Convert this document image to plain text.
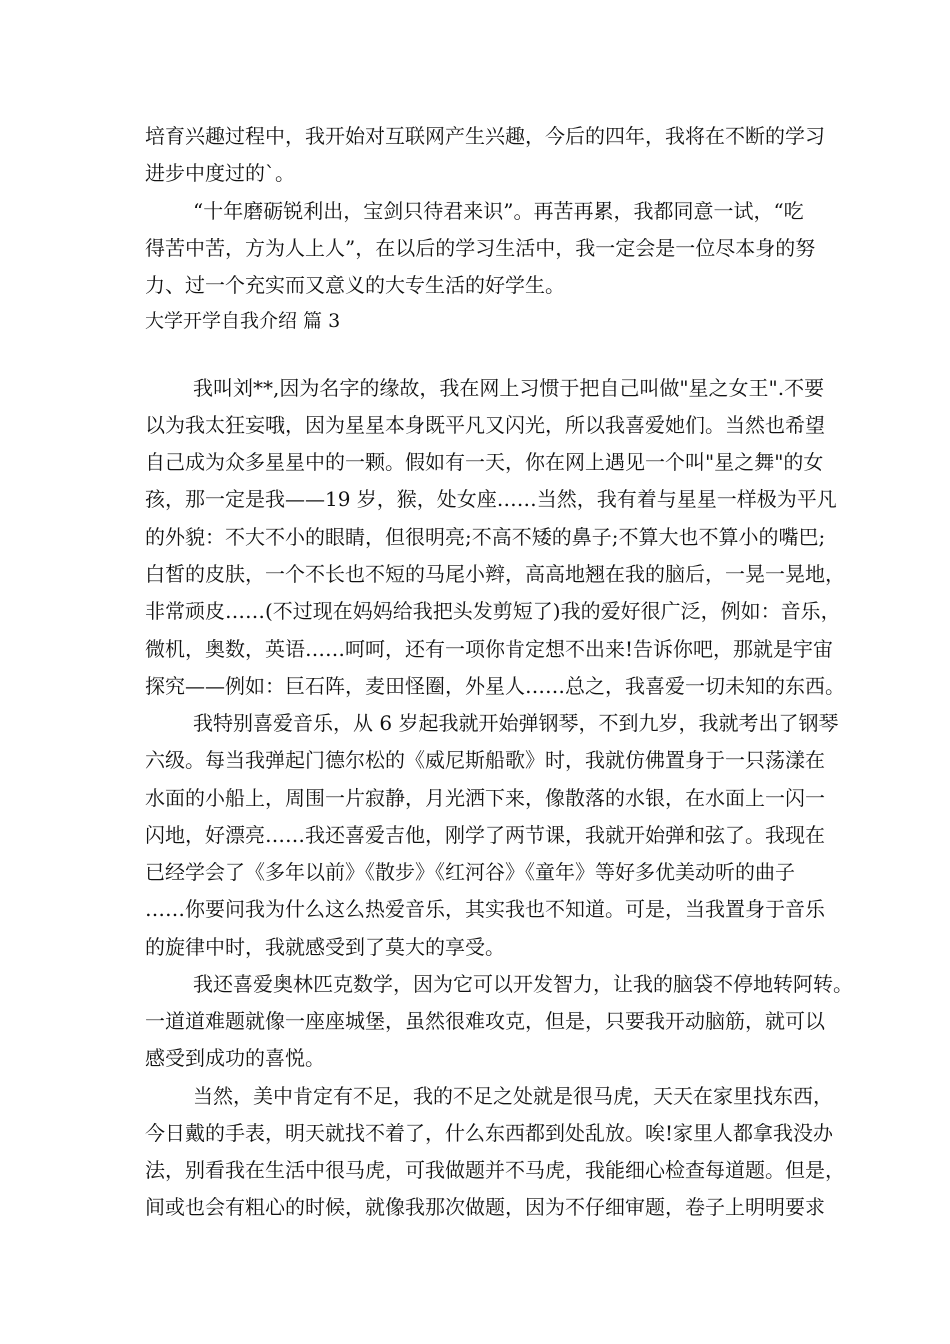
培育兴趣过程中，我开始对互联网产生兴趣，今后的四年，我将在不断的学习
进步中度过的`。
“十年磨砺锐利出，宝剑只待君来识”。再苦再累，我都同意一试，“吃
得苦中苦，方为人上人”，在以后的学习生活中，我一定会是一位尽本身的努
力、过一个充实而又意义的大专生活的好学生。
大学开学自我介绍 篇 3
我叫刘**,因为名字的缘故，我在网上习惯于把自己叫做"星之女王".不要
以为我太狂妄哦，因为星星本身既平凡又闪光，所以我喜爱她们。当然也希望
自己成为众多星星中的一颗。假如有一天，你在网上遇见一个叫"星之舞"的女
孩，那一定是我——19 岁，猴，处女座……当然，我有着与星星一样极为平凡
的外貌：不大不小的眼睛，但很明亮;不高不矮的鼻子;不算大也不算小的嘴巴;
白皙的皮肤，一个不长也不短的马尾小辫，高高地翘在我的脑后，一晃一晃地，
非常顽皮……(不过现在妈妈给我把头发剪短了)我的爱好很广泛，例如：音乐，
微机，奥数，英语……呵呵，还有一项你肯定想不出来!告诉你吧，那就是宇宙
探究——例如：巨石阵，麦田怪圈，外星人……总之，我喜爱一切未知的东西。
我特别喜爱音乐，从 6 岁起我就开始弹钢琴，不到九岁，我就考出了钢琴
六级。每当我弹起门德尔松的《威尼斯船歌》时，我就仿佛置身于一只荡漾在
水面的小船上，周围一片寂静，月光洒下来，像散落的水银，在水面上一闪一
闪地，好漂亮……我还喜爱吉他，刚学了两节课，我就开始弹和弦了。我现在
已经学会了《多年以前》《散步》《红河谷》《童年》等好多优美动听的曲子
……你要问我为什么这么热爱音乐，其实我也不知道。可是，当我置身于音乐
的旋律中时，我就感受到了莫大的享受。
我还喜爱奥林匹克数学，因为它可以开发智力，让我的脑袋不停地转阿转。
一道道难题就像一座座城堡，虽然很难攻克，但是，只要我开动脑筋，就可以
感受到成功的喜悦。
当然，美中肯定有不足，我的不足之处就是很马虎，天天在家里找东西，
今日戴的手表，明天就找不着了，什么东西都到处乱放。唉!家里人都拿我没办
法，别看我在生活中很马虎，可我做题并不马虎，我能细心检查每道题。但是，
间或也会有粗心的时候，就像我那次做题，因为不仔细审题，卷子上明明要求
